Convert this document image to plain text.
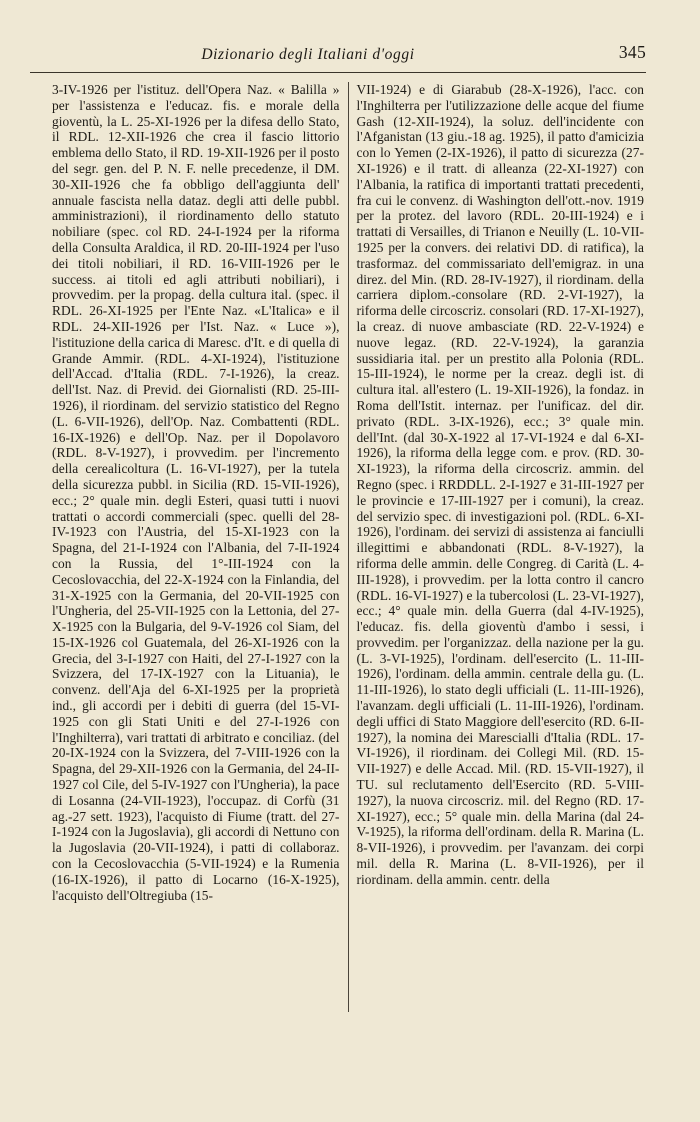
Dizionario degli Italiani d'oggi	345
3-IV-1926 per l'istituz. dell'Opera Naz. « Balilla » per l'assistenza e l'educaz. fis. e morale della gioventù, la L. 25-XI-1926 per la difesa dello Stato, il RDL. 12-XII-1926 che crea il fascio littorio emblema dello Stato, il RD. 19-XII-1926 per il posto del segr. gen. del P. N. F. nelle precedenze, il DM. 30-XII-1926 che fa obbligo dell'aggiunta dell' annuale fascista nella dataz. degli atti delle pubbl. amministrazioni), il riordinamento dello statuto nobiliare (spec. col RD. 24-I-1924 per la riforma della Consulta Araldica, il RD. 20-III-1924 per l'uso dei titoli nobiliari, il RD. 16-VIII-1926 per le success. ai titoli ed agli attributi nobiliari), i provvedim. per la propag. della cultura ital. (spec. il RDL. 26-XI-1925 per l'Ente Naz. «L'Italica» e il RDL. 24-XII-1926 per l'Ist. Naz. « Luce »), l'istituzione della carica di Maresc. d'It. e di quella di Grande Ammir. (RDL. 4-XI-1924), l'istituzione dell'Accad. d'Italia (RDL. 7-I-1926), la creaz. dell'Ist. Naz. di Previd. dei Giornalisti (RD. 25-III-1926), il riordinam. del servizio statistico del Regno (L. 6-VII-1926), dell'Op. Naz. Combattenti (RDL. 16-IX-1926) e dell'Op. Naz. per il Dopolavoro (RDL. 8-V-1927), i provvedim. per l'incremento della cerealicoltura (L. 16-VI-1927), per la tutela della sicurezza pubbl. in Sicilia (RD. 15-VII-1926), ecc.; 2° quale min. degli Esteri, quasi tutti i nuovi trattati o accordi commerciali (spec. quelli del 28-IV-1923 con l'Austria, del 15-XI-1923 con la Spagna, del 21-I-1924 con l'Albania, del 7-II-1924 con la Russia, del 1°-III-1924 con la Cecoslovacchia, del 22-X-1924 con la Finlandia, del 31-X-1925 con la Germania, del 20-VII-1925 con l'Ungheria, del 25-VII-1925 con la Lettonia, del 27-X-1925 con la Bulgaria, del 9-V-1926 col Siam, del 15-IX-1926 col Guatemala, del 26-XI-1926 con la Grecia, del 3-I-1927 con Haiti, del 27-I-1927 con la Svizzera, del 17-IX-1927 con la Lituania), le convenz. dell'Aja del 6-XI-1925 per la proprietà ind., gli accordi per i debiti di guerra (del 15-VI-1925 con gli Stati Uniti e del 27-I-1926 con l'Inghilterra), vari trattati di arbitrato e conciliaz. (del 20-IX-1924 con la Svizzera, del 7-VIII-1926 con la Spagna, del 29-XII-1926 con la Germania, del 24-II-1927 col Cile, del 5-IV-1927 con l'Ungheria), la pace di Losanna (24-VII-1923), l'occupaz. di Corfù (31 ag.-27 sett. 1923), l'acquisto di Fiume (tratt. del 27-I-1924 con la Jugoslavia), gli accordi di Nettuno con la Jugoslavia (20-VII-1924), i patti di collaboraz. con la Cecoslovacchia (5-VII-1924) e la Rumenia (16-IX-1926), il patto di Locarno (16-X-1925), l'acquisto dell'Oltregiuba (15-
VII-1924) e di Giarabub (28-X-1926), l'acc. con l'Inghilterra per l'utilizzazione delle acque del fiume Gash (12-XII-1924), la soluz. dell'incidente con l'Afganistan (13 giu.-18 ag. 1925), il patto d'amicizia con lo Yemen (2-IX-1926), il patto di sicurezza (27-XI-1926) e il tratt. di alleanza (22-XI-1927) con l'Albania, la ratifica di importanti trattati precedenti, fra cui le convenz. di Washington dell'ott.-nov. 1919 per la protez. del lavoro (RDL. 20-III-1924) e i trattati di Versailles, di Trianon e Neuilly (L. 10-VII-1925 per la convers. dei relativi DD. di ratifica), la trasformaz. del commissariato dell'emigraz. in una direz. del Min. (RD. 28-IV-1927), il riordinam. della carriera diplom.-consolare (RD. 2-VI-1927), la riforma delle circoscriz. consolari (RD. 17-XI-1927), la creaz. di nuove ambasciate (RD. 22-V-1924) e nuove legaz. (RD. 22-V-1924), la garanzia sussidiaria ital. per un prestito alla Polonia (RDL. 15-III-1924), le norme per la creaz. degli ist. di cultura ital. all'estero (L. 19-XII-1926), la fondaz. in Roma dell'Istit. internaz. per l'unificaz. del dir. privato (RDL. 3-IX-1926), ecc.; 3° quale min. dell'Int. (dal 30-X-1922 al 17-VI-1924 e dal 6-XI-1926), la riforma della legge com. e prov. (RD. 30-XI-1923), la riforma della circoscriz. ammin. del Regno (spec. i RRDDLL. 2-I-1927 e 31-III-1927 per le provincie e 17-III-1927 per i comuni), la creaz. del servizio spec. di investigazioni pol. (RDL. 6-XI-1926), l'ordinam. dei servizi di assistenza ai fanciulli illegittimi e abbandonati (RDL. 8-V-1927), la riforma delle ammin. delle Congreg. di Carità (L. 4-III-1928), i provvedim. per la lotta contro il cancro (RDL. 16-VI-1927) e la tubercolosi (L. 23-VI-1927), ecc.; 4° quale min. della Guerra (dal 4-IV-1925), l'educaz. fis. della gioventù d'ambo i sessi, i provvedim. per l'organizzaz. della nazione per la gu. (L. 3-VI-1925), l'ordinam. dell'esercito (L. 11-III-1926), l'ordinam. della ammin. centrale della gu. (L. 11-III-1926), lo stato degli ufficiali (L. 11-III-1926), l'avanzam. degli ufficiali (L. 11-III-1926), l'ordinam. degli uffici di Stato Maggiore dell'esercito (RD. 6-II-1927), la nomina dei Marescialli d'Italia (RDL. 17-VI-1926), il riordinam. dei Collegi Mil. (RD. 15-VII-1927) e delle Accad. Mil. (RD. 15-VII-1927), il TU. sul reclutamento dell'Esercito (RD. 5-VIII-1927), la nuova circoscriz. mil. del Regno (RD. 17-XI-1927), ecc.; 5° quale min. della Marina (dal 24-V-1925), la riforma dell'ordinam. della R. Marina (L. 8-VII-1926), i provvedim. per l'avanzam. dei corpi mil. della R. Marina (L. 8-VII-1926), per il riordinam. della ammin. centr. della
